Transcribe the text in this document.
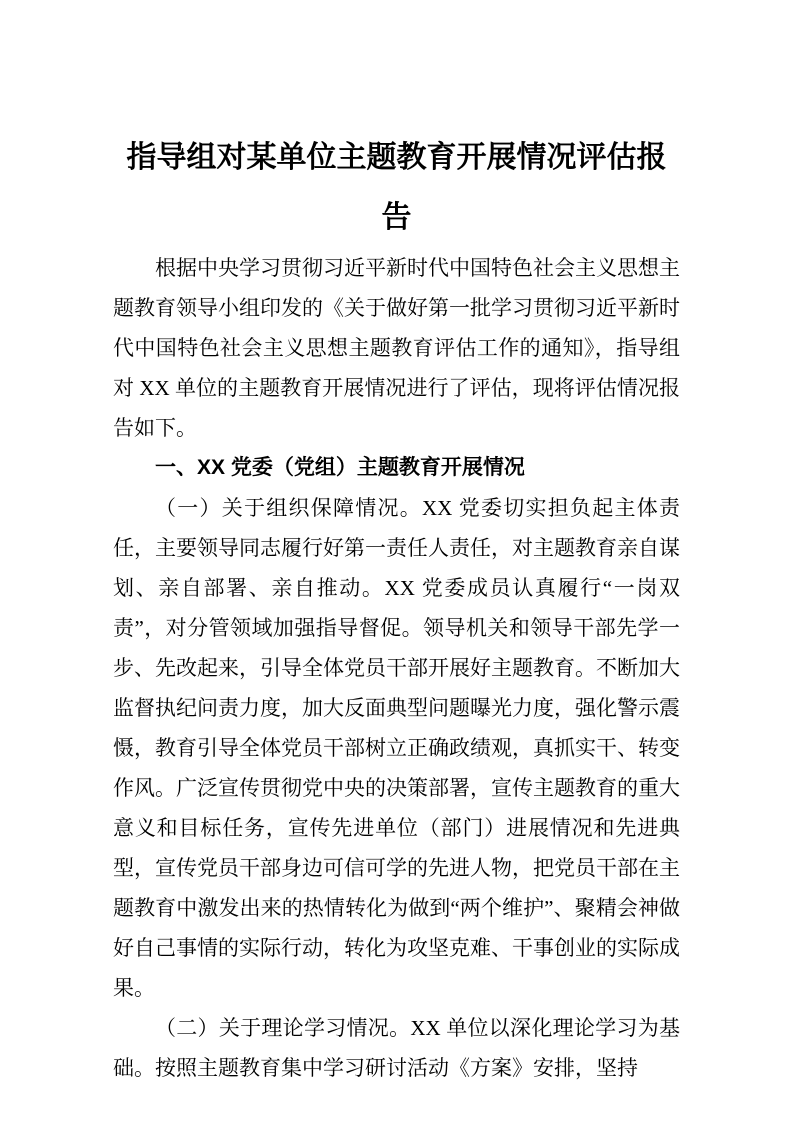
指导组对某单位主题教育开展情况评估报告

根据中央学习贯彻习近平新时代中国特色社会主义思想主题教育领导小组印发的《关于做好第一批学习贯彻习近平新时代中国特色社会主义思想主题教育评估工作的通知》，指导组对 XX 单位的主题教育开展情况进行了评估，现将评估情况报告如下。

一、XX 党委（党组）主题教育开展情况

（一）关于组织保障情况。XX 党委切实担负起主体责任，主要领导同志履行好第一责任人责任，对主题教育亲自谋划、亲自部署、亲自推动。XX 党委成员认真履行“一岗双责”，对分管领域加强指导督促。领导机关和领导干部先学一步、先改起来，引导全体党员干部开展好主题教育。不断加大监督执纪问责力度，加大反面典型问题曝光力度，强化警示震慑，教育引导全体党员干部树立正确政绩观，真抓实干、转变作风。广泛宣传贯彻党中央的决策部署，宣传主题教育的重大意义和目标任务，宣传先进单位（部门）进展情况和先进典型，宣传党员干部身边可信可学的先进人物，把党员干部在主题教育中激发出来的热情转化为做到“两个维护”、聚精会神做好自己事情的实际行动，转化为攻坚克难、干事创业的实际成果。

（二）关于理论学习情况。XX 单位以深化理论学习为基础。按照主题教育集中学习研讨活动《方案》安排，坚持
